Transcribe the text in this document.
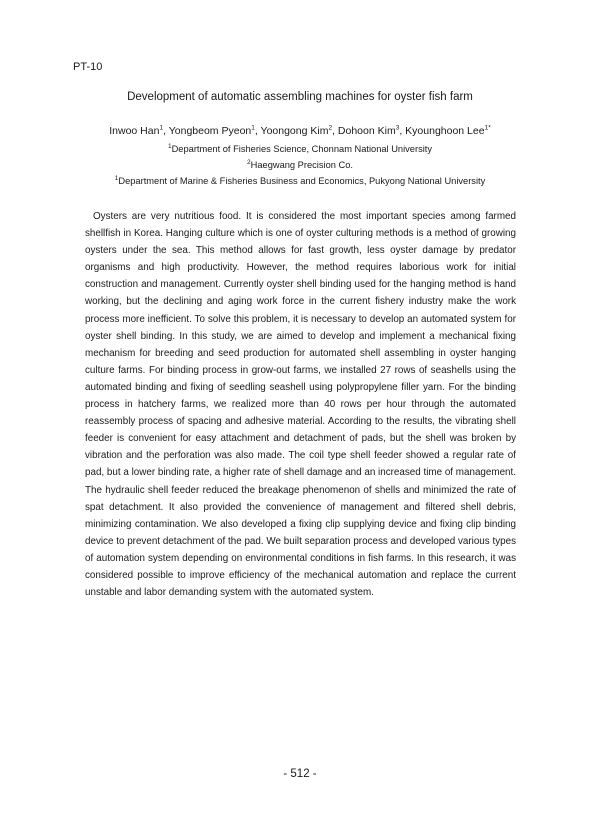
PT-10
Development of automatic assembling machines for oyster fish farm
Inwoo Han$^1$, Yongbeom Pyeon$^1$, Yoongong Kim$^2$, Dohoon Kim$^3$, Kyounghoon Lee$^{1*}$
$^1$Department of Fisheries Science, Chonnam National University
$^2$Haegwang Precision Co.
$^1$Department of Marine & Fisheries Business and Economics, Pukyong National University

Oysters are very nutritious food. It is considered the most important species among farmed shellfish in Korea. Hanging culture which is one of oyster culturing methods is a method of growing oysters under the sea. This method allows for fast growth, less oyster damage by predator organisms and high productivity. However, the method requires laborious work for initial construction and management. Currently oyster shell binding used for the hanging method is hand working, but the declining and aging work force in the current fishery industry make the work process more inefficient. To solve this problem, it is necessary to develop an automated system for oyster shell binding. In this study, we are aimed to develop and implement a mechanical fixing mechanism for breeding and seed production for automated shell assembling in oyster hanging culture farms. For binding process in grow-out farms, we installed 27 rows of seashells using the automated binding and fixing of seedling seashell using polypropylene filler yarn. For the binding process in hatchery farms, we realized more than 40 rows per hour through the automated reassembly process of spacing and adhesive material. According to the results, the vibrating shell feeder is convenient for easy attachment and detachment of pads, but the shell was broken by vibration and the perforation was also made. The coil type shell feeder showed a regular rate of pad, but a lower binding rate, a higher rate of shell damage and an increased time of management. The hydraulic shell feeder reduced the breakage phenomenon of shells and minimized the rate of spat detachment. It also provided the convenience of management and filtered shell debris, minimizing contamination. We also developed a fixing clip supplying device and fixing clip binding device to prevent detachment of the pad. We built separation process and developed various types of automation system depending on environmental conditions in fish farms. In this research, it was considered possible to improve efficiency of the mechanical automation and replace the current unstable and labor demanding system with the automated system.

- 512 -
